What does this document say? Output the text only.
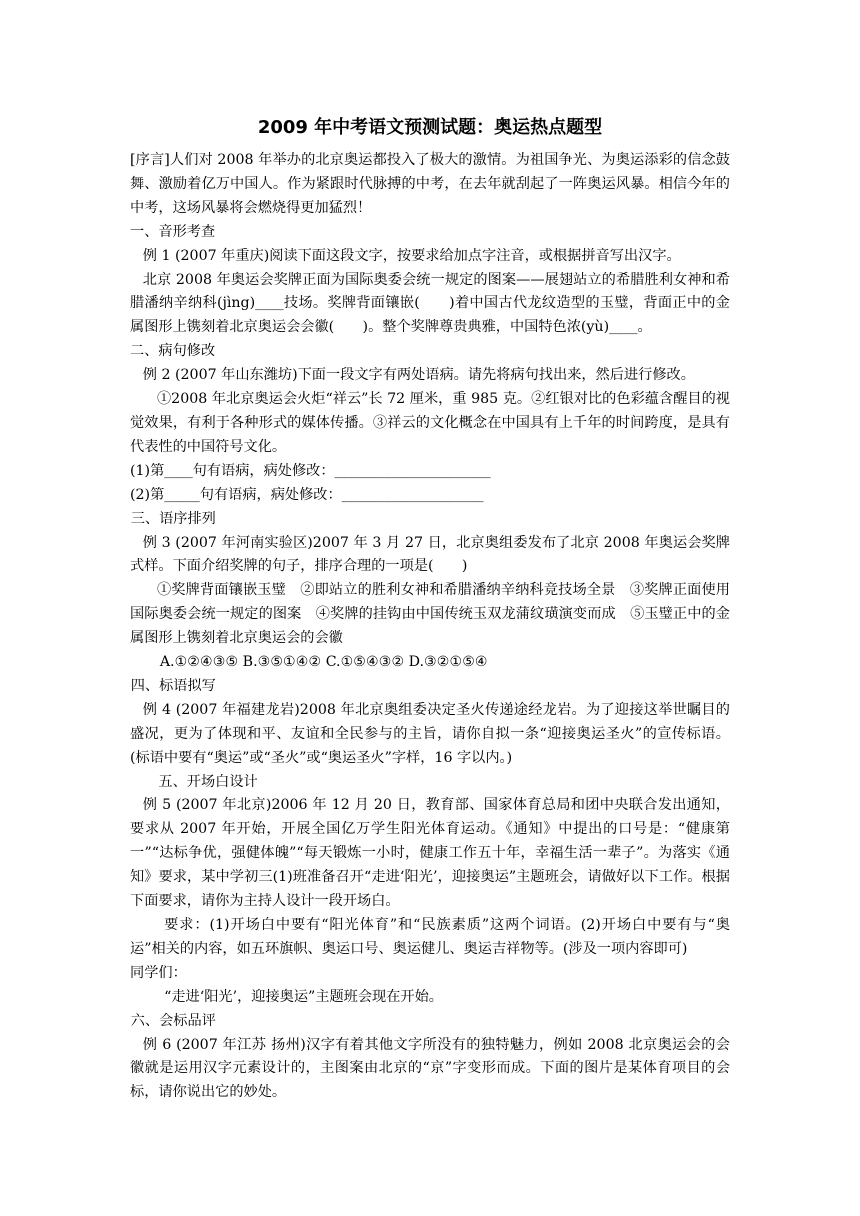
2009 年中考语文预测试题：奥运热点题型

[序言]人们对 2008 年举办的北京奥运都投入了极大的激情。为祖国争光、为奥运添彩的信念鼓舞、激励着亿万中国人。作为紧跟时代脉搏的中考，在去年就刮起了一阵奥运风暴。相信今年的中考，这场风暴将会燃烧得更加猛烈！

一、音形考查

例 1 (2007 年重庆)阅读下面这段文字，按要求给加点字注音，或根据拼音写出汉字。

北京 2008 年奥运会奖牌正面为国际奥委会统一规定的图案——展翅站立的希腊胜利女神和希腊潘纳辛纳科(jìng)____技场。奖牌背面镶嵌(　　)着中国古代龙纹造型的玉璧，背面正中的金属图形上镌刻着北京奥运会会徽(　　)。整个奖牌尊贵典雅，中国特色浓(yù)____。

二、病句修改

例 2 (2007 年山东潍坊)下面一段文字有两处语病。请先将病句找出来，然后进行修改。

①2008 年北京奥运会火炬“祥云”长 72 厘米，重 985 克。②红银对比的色彩蕴含醒目的视觉效果，有利于各种形式的媒体传播。③祥云的文化概念在中国具有上千年的时间跨度，是具有代表性的中国符号文化。

(1)第____句有语病，病处修改：______________________

(2)第_____句有语病，病处修改：____________________

三、语序排列

例 3 (2007 年河南实验区)2007 年 3 月 27 日，北京奥组委发布了北京 2008 年奥运会奖牌式样。下面介绍奖牌的句子，排序合理的一项是(　　)

①奖牌背面镶嵌玉璧　②即站立的胜利女神和希腊潘纳辛纳科竞技场全景　③奖牌正面使用国际奥委会统一规定的图案　④奖牌的挂钩由中国传统玉双龙蒲纹璜演变而成　⑤玉璧正中的金属图形上镌刻着北京奥运会的会徽

A.①②④③⑤ B.③⑤①④② C.①⑤④③② D.③②①⑤④

四、标语拟写

例 4 (2007 年福建龙岩)2008 年北京奥组委决定圣火传递途经龙岩。为了迎接这举世瞩目的盛况，更为了体现和平、友谊和全民参与的主旨，请你自拟一条“迎接奥运圣火”的宣传标语。(标语中要有“奥运”或“圣火”或“奥运圣火”字样，16 字以内。)

五、开场白设计

例 5 (2007 年北京)2006 年 12 月 20 日，教育部、国家体育总局和团中央联合发出通知，要求从 2007 年开始，开展全国亿万学生阳光体育运动。《通知》中提出的口号是：“健康第一”“达标争优，强健体魄”“每天锻炼一小时，健康工作五十年，幸福生活一辈子”。为落实《通知》要求，某中学初三(1)班准备召开“走进‘阳光’，迎接奥运”主题班会，请做好以下工作。根据下面要求，请你为主持人设计一段开场白。

要求：(1)开场白中要有“阳光体育”和“民族素质”这两个词语。(2)开场白中要有与“奥运”相关的内容，如五环旗帜、奥运口号、奥运健儿、奥运吉祥物等。(涉及一项内容即可)

同学们：

“走进‘阳光’，迎接奥运”主题班会现在开始。

六、会标品评

例 6 (2007 年江苏 扬州)汉字有着其他文字所没有的独特魅力，例如 2008 北京奥运会的会徽就是运用汉字元素设计的，主图案由北京的“京”字变形而成。下面的图片是某体育项目的会标，请你说出它的妙处。
